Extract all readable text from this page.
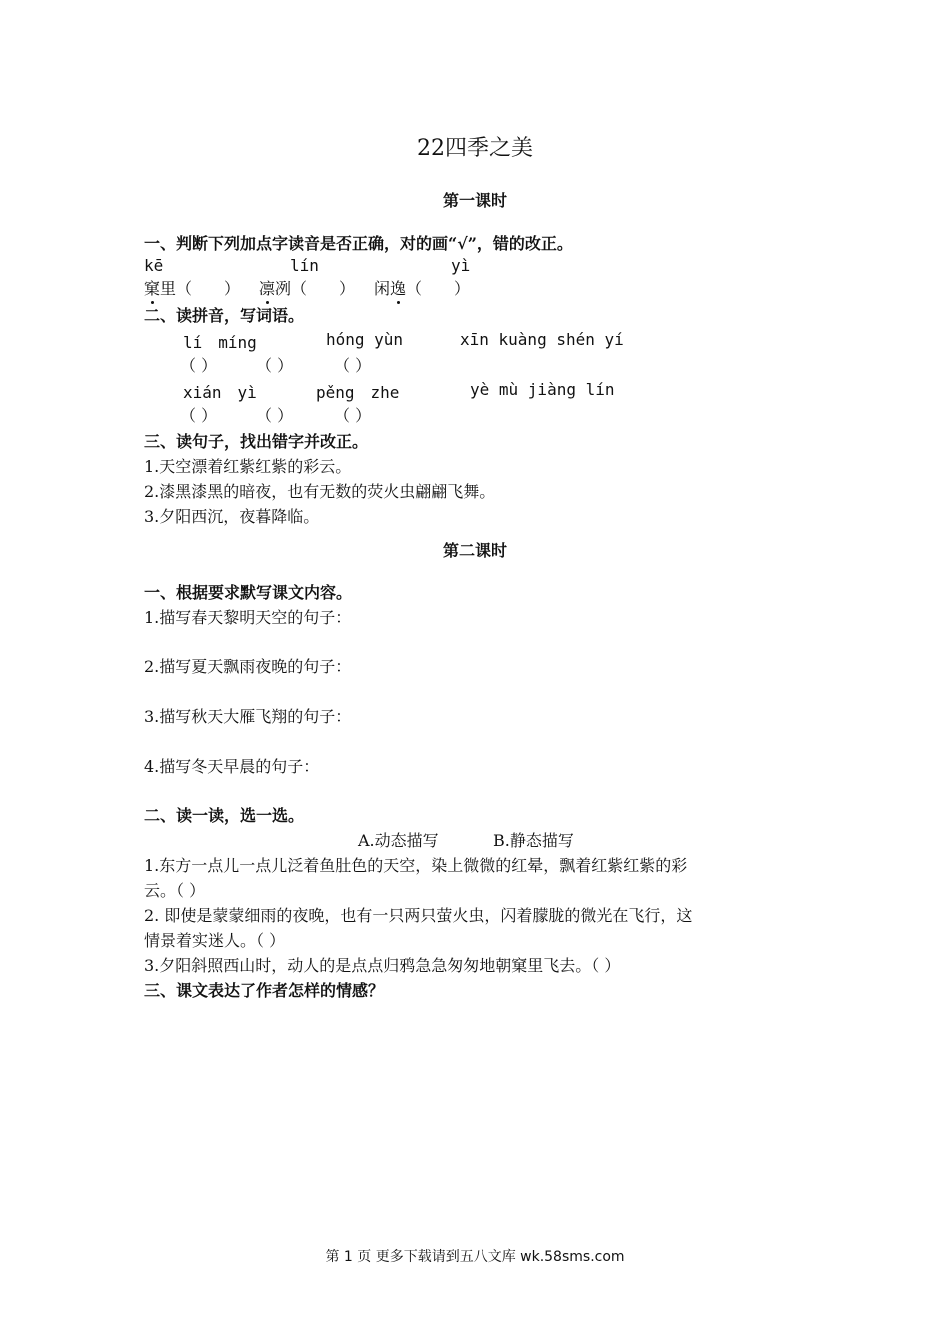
22四季之美
第一课时
一、判断下列加点字读音是否正确，对的画“√”，错的改正。
kē	lín	yì
窠里（　　） 凛冽（　　） 闲逸（　　）
二、读拼音，写词语。
lí　míng	hóng yùn	xīn kuàng shén yí
（ ） （ ）	（ ）
xián　yì	pěng　zhe	yè mù jiàng lín
（ ） （ ）	（ ）
三、读句子，找出错字并改正。
1.天空漂着红紫红紫的彩云。
2.漆黑漆黑的暗夜，也有无数的荧火虫翩翩飞舞。
3.夕阳西沉，夜暮降临。
第二课时
一、根据要求默写课文内容。
1.描写春天黎明天空的句子：
2.描写夏天飘雨夜晚的句子：
3.描写秋天大雁飞翔的句子：
4.描写冬天早晨的句子：
二、读一读，选一选。
A.动态描写	B.静态描写
1.东方一点儿一点儿泛着鱼肚色的天空，染上微微的红晕，飘着红紫红紫的彩
云。（ ）
2. 即使是蒙蒙细雨的夜晚，也有一只两只萤火虫，闪着朦胧的微光在飞行，这
情景着实迷人。（ ）
3.夕阳斜照西山时，动人的是点点归鸦急急匆匆地朝窠里飞去。（ ）
三、课文表达了作者怎样的情感？
第 1 页 更多下载请到五八文库 wk.58sms.com
